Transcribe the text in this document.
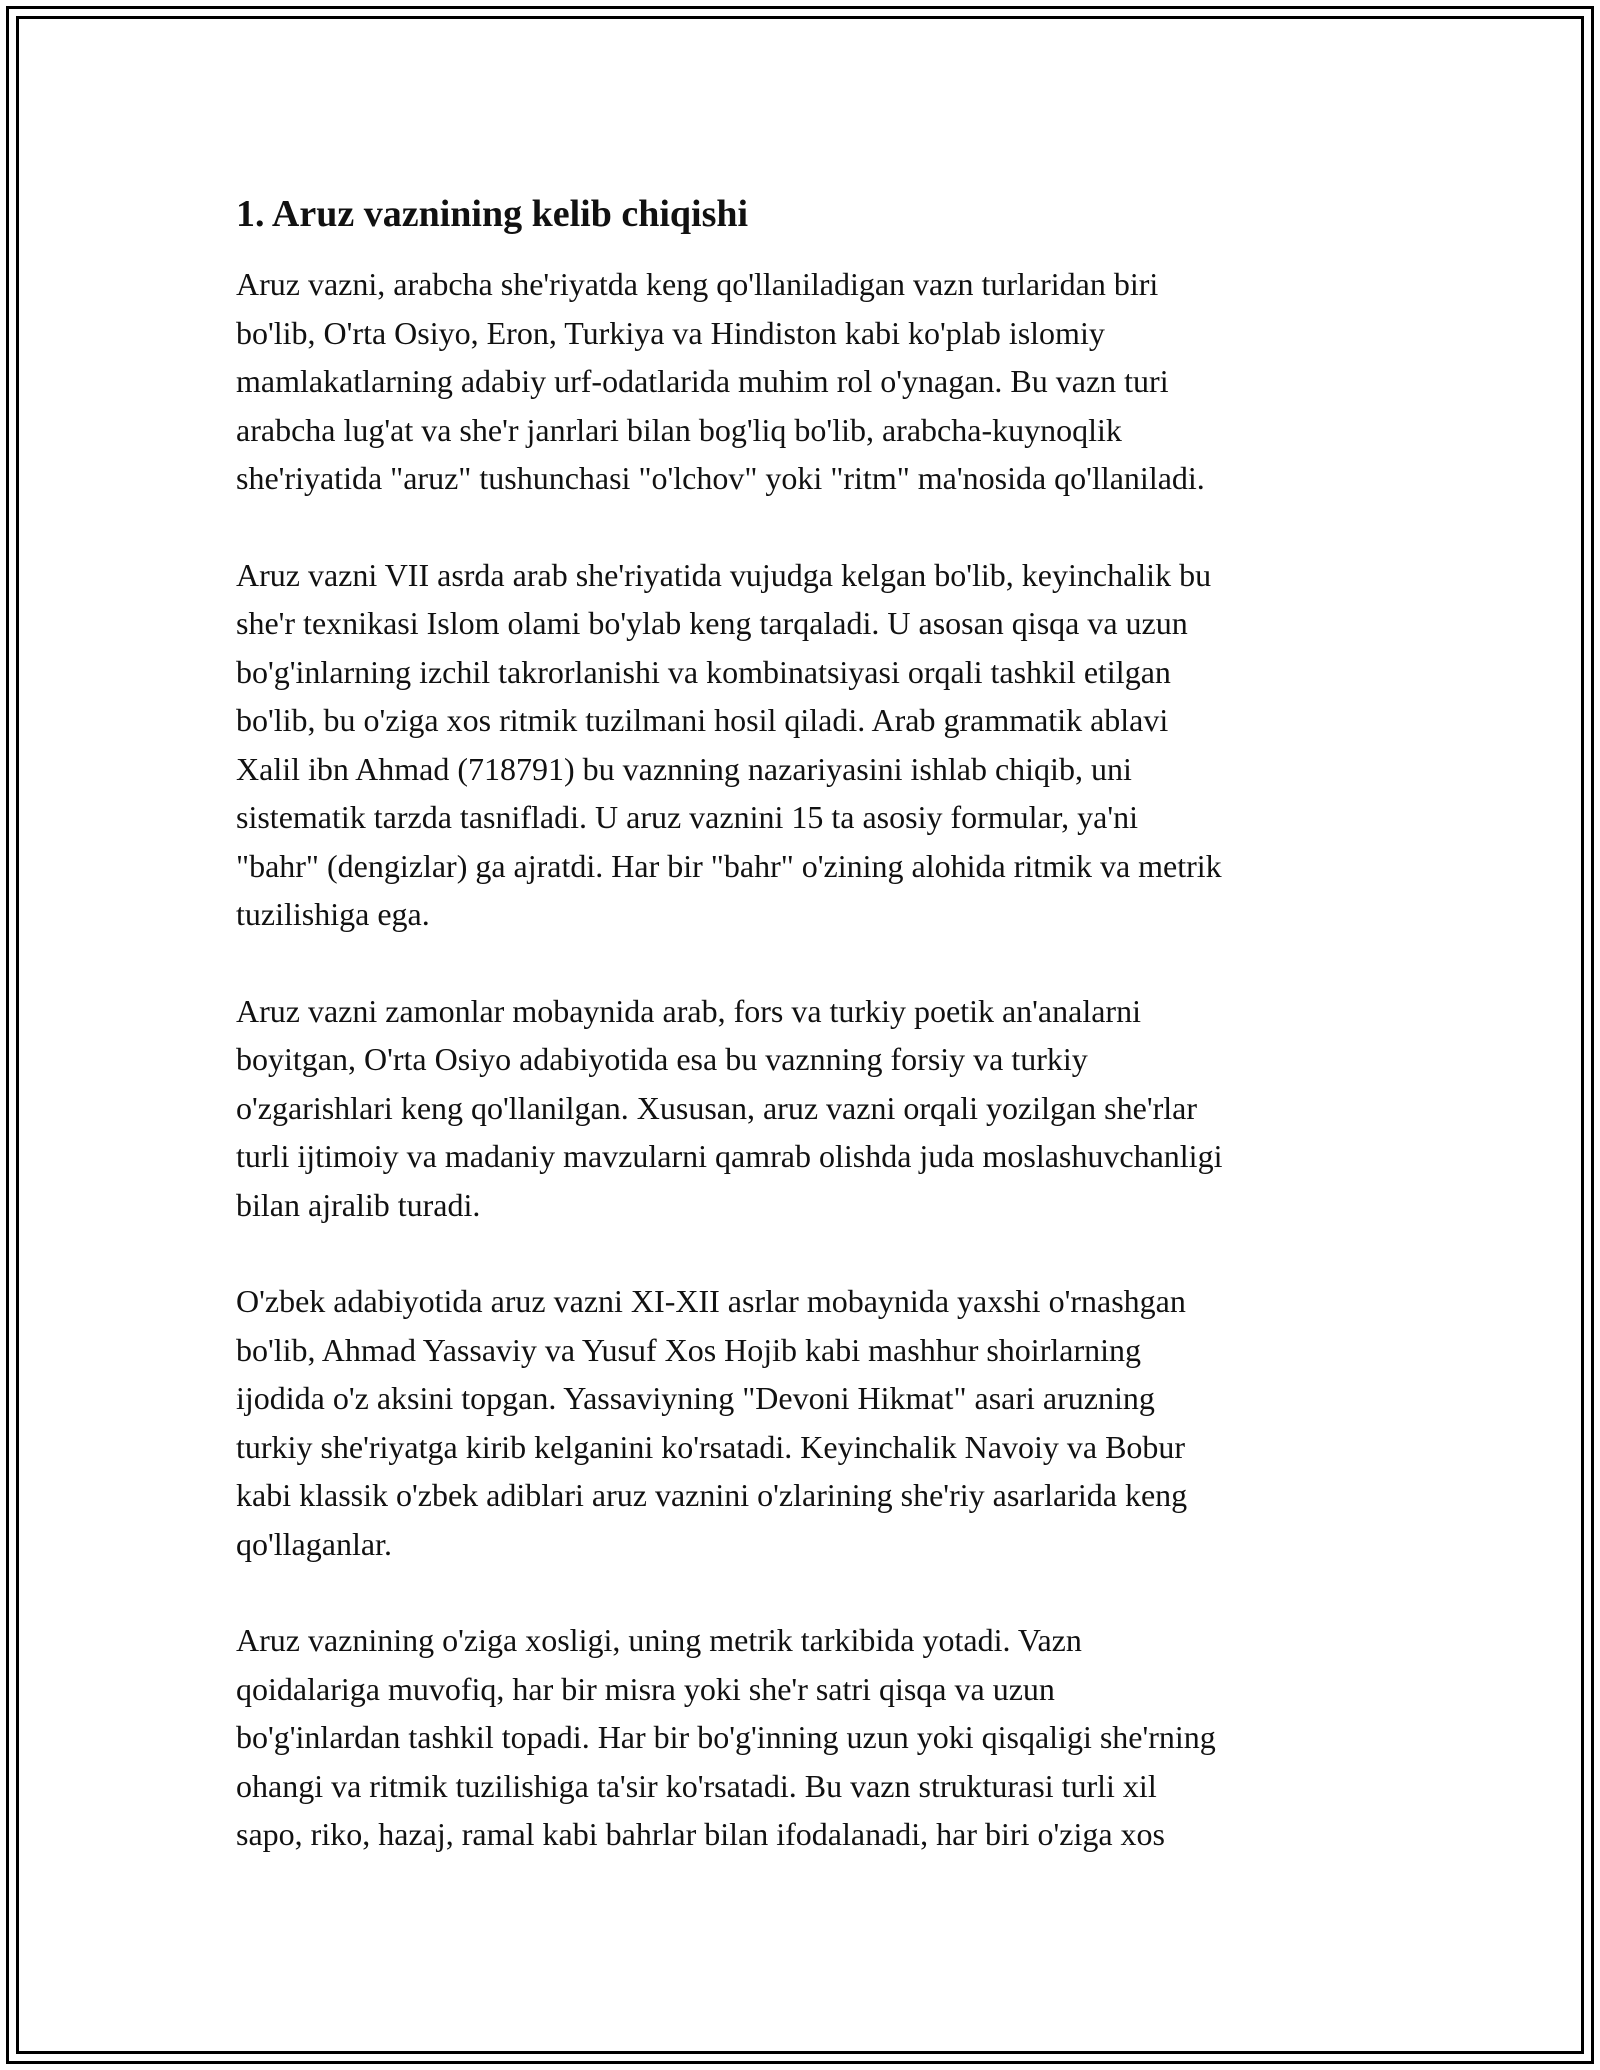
1. Aruz vaznining kelib chiqishi

Aruz vazni, arabcha she'riyatda keng qo'llaniladigan vazn turlaridan biri
bo'lib, O'rta Osiyo, Eron, Turkiya va Hindiston kabi ko'plab islomiy
mamlakatlarning adabiy urf-odatlarida muhim rol o'ynagan. Bu vazn turi
arabcha lug'at va she'r janrlari bilan bog'liq bo'lib, arabcha-kuynoqlik
she'riyatida "aruz" tushunchasi "o'lchov" yoki "ritm" ma'nosida qo'llaniladi.

Aruz vazni VII asrda arab she'riyatida vujudga kelgan bo'lib, keyinchalik bu
she'r texnikasi Islom olami bo'ylab keng tarqaladi. U asosan qisqa va uzun
bo'g'inlarning izchil takrorlanishi va kombinatsiyasi orqali tashkil etilgan
bo'lib, bu o'ziga xos ritmik tuzilmani hosil qiladi. Arab grammatik ablavi
Xalil ibn Ahmad (718791) bu vaznning nazariyasini ishlab chiqib, uni
sistematik tarzda tasnifladi. U aruz vaznini 15 ta asosiy formular, ya'ni
"bahr" (dengizlar) ga ajratdi. Har bir "bahr" o'zining alohida ritmik va metrik
tuzilishiga ega.

Aruz vazni zamonlar mobaynida arab, fors va turkiy poetik an'analarni
boyitgan, O'rta Osiyo adabiyotida esa bu vaznning forsiy va turkiy
o'zgarishlari keng qo'llanilgan. Xususan, aruz vazni orqali yozilgan she'rlar
turli ijtimoiy va madaniy mavzularni qamrab olishda juda moslashuvchanligi
bilan ajralib turadi.

O'zbek adabiyotida aruz vazni XI-XII asrlar mobaynida yaxshi o'rnashgan
bo'lib, Ahmad Yassaviy va Yusuf Xos Hojib kabi mashhur shoirlarning
ijodida o'z aksini topgan. Yassaviyning "Devoni Hikmat" asari aruzning
turkiy she'riyatga kirib kelganini ko'rsatadi. Keyinchalik Navoiy va Bobur
kabi klassik o'zbek adiblari aruz vaznini o'zlarining she'riy asarlarida keng
qo'llaganlar.

Aruz vaznining o'ziga xosligi, uning metrik tarkibida yotadi. Vazn
qoidalariga muvofiq, har bir misra yoki she'r satri qisqa va uzun
bo'g'inlardan tashkil topadi. Har bir bo'g'inning uzun yoki qisqaligi she'rning
ohangi va ritmik tuzilishiga ta'sir ko'rsatadi. Bu vazn strukturasi turli xil
sapo, riko, hazaj, ramal kabi bahrlar bilan ifodalanadi, har biri o'ziga xos
